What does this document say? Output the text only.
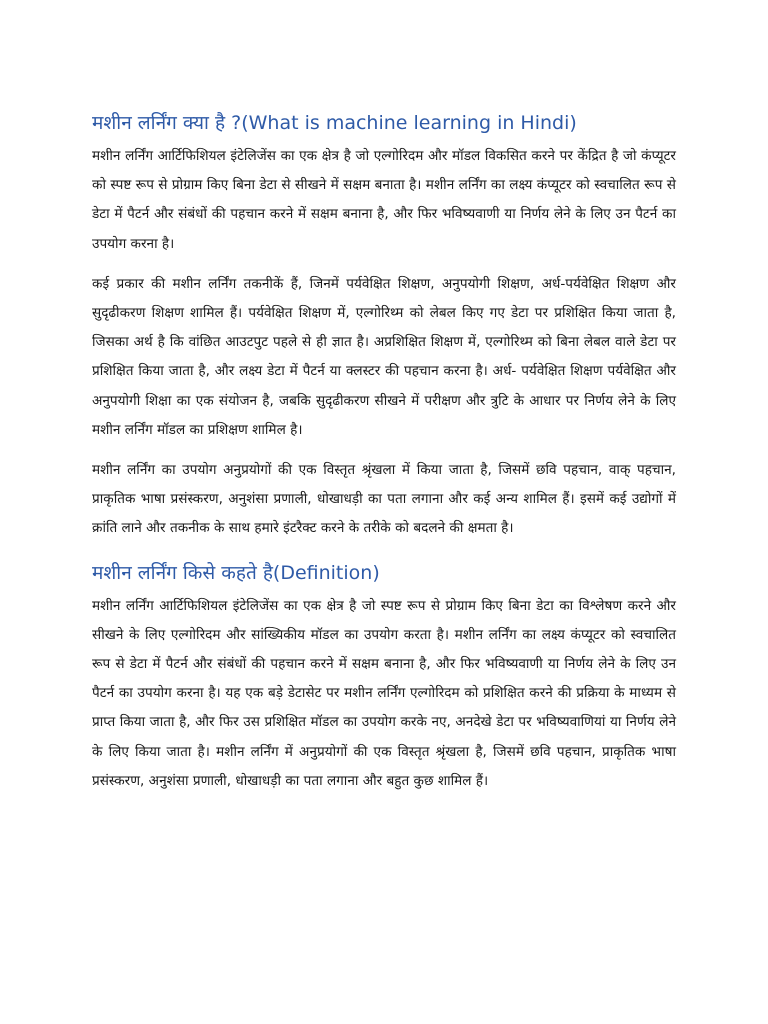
मशीन लर्निंग क्या है ?(What is machine learning in Hindi)

मशीन लर्निंग आर्टिफिशियल इंटेलिजेंस का एक क्षेत्र है जो एल्गोरिदम और मॉडल विकसित करने पर केंद्रित है जो कंप्यूटर को स्पष्ट रूप से प्रोग्राम किए बिना डेटा से सीखने में सक्षम बनाता है। मशीन लर्निंग का लक्ष्य कंप्यूटर को स्वचालित रूप से डेटा में पैटर्न और संबंधों की पहचान करने में सक्षम बनाना है, और फिर भविष्यवाणी या निर्णय लेने के लिए उन पैटर्न का उपयोग करना है।

कई प्रकार की मशीन लर्निंग तकनीकें हैं, जिनमें पर्यवेक्षित शिक्षण, अनुपयोगी शिक्षण, अर्ध-पर्यवेक्षित शिक्षण और सुदृढीकरण शिक्षण शामिल हैं। पर्यवेक्षित शिक्षण में, एल्गोरिथ्म को लेबल किए गए डेटा पर प्रशिक्षित किया जाता है, जिसका अर्थ है कि वांछित आउटपुट पहले से ही ज्ञात है। अप्रशिक्षित शिक्षण में, एल्गोरिथ्म को बिना लेबल वाले डेटा पर प्रशिक्षित किया जाता है, और लक्ष्य डेटा में पैटर्न या क्लस्टर की पहचान करना है। अर्ध- पर्यवेक्षित शिक्षण पर्यवेक्षित और अनुपयोगी शिक्षा का एक संयोजन है, जबकि सुदृढीकरण सीखने में परीक्षण और त्रुटि के आधार पर निर्णय लेने के लिए मशीन लर्निंग मॉडल का प्रशिक्षण शामिल है।

मशीन लर्निंग का उपयोग अनुप्रयोगों की एक विस्तृत श्रृंखला में किया जाता है, जिसमें छवि पहचान, वाक् पहचान, प्राकृतिक भाषा प्रसंस्करण, अनुशंसा प्रणाली, धोखाधड़ी का पता लगाना और कई अन्य शामिल हैं। इसमें कई उद्योगों में क्रांति लाने और तकनीक के साथ हमारे इंटरैक्ट करने के तरीके को बदलने की क्षमता है।

मशीन लर्निंग किसे कहते है(Definition)

मशीन लर्निंग आर्टिफिशियल इंटेलिजेंस का एक क्षेत्र है जो स्पष्ट रूप से प्रोग्राम किए बिना डेटा का विश्लेषण करने और सीखने के लिए एल्गोरिदम और सांख्यिकीय मॉडल का उपयोग करता है। मशीन लर्निंग का लक्ष्य कंप्यूटर को स्वचालित रूप से डेटा में पैटर्न और संबंधों की पहचान करने में सक्षम बनाना है, और फिर भविष्यवाणी या निर्णय लेने के लिए उन पैटर्न का उपयोग करना है। यह एक बड़े डेटासेट पर मशीन लर्निंग एल्गोरिदम को प्रशिक्षित करने की प्रक्रिया के माध्यम से प्राप्त किया जाता है, और फिर उस प्रशिक्षित मॉडल का उपयोग करके नए, अनदेखे डेटा पर भविष्यवाणियां या निर्णय लेने के लिए किया जाता है। मशीन लर्निंग में अनुप्रयोगों की एक विस्तृत श्रृंखला है, जिसमें छवि पहचान, प्राकृतिक भाषा प्रसंस्करण, अनुशंसा प्रणाली, धोखाधड़ी का पता लगाना और बहुत कुछ शामिल हैं।
